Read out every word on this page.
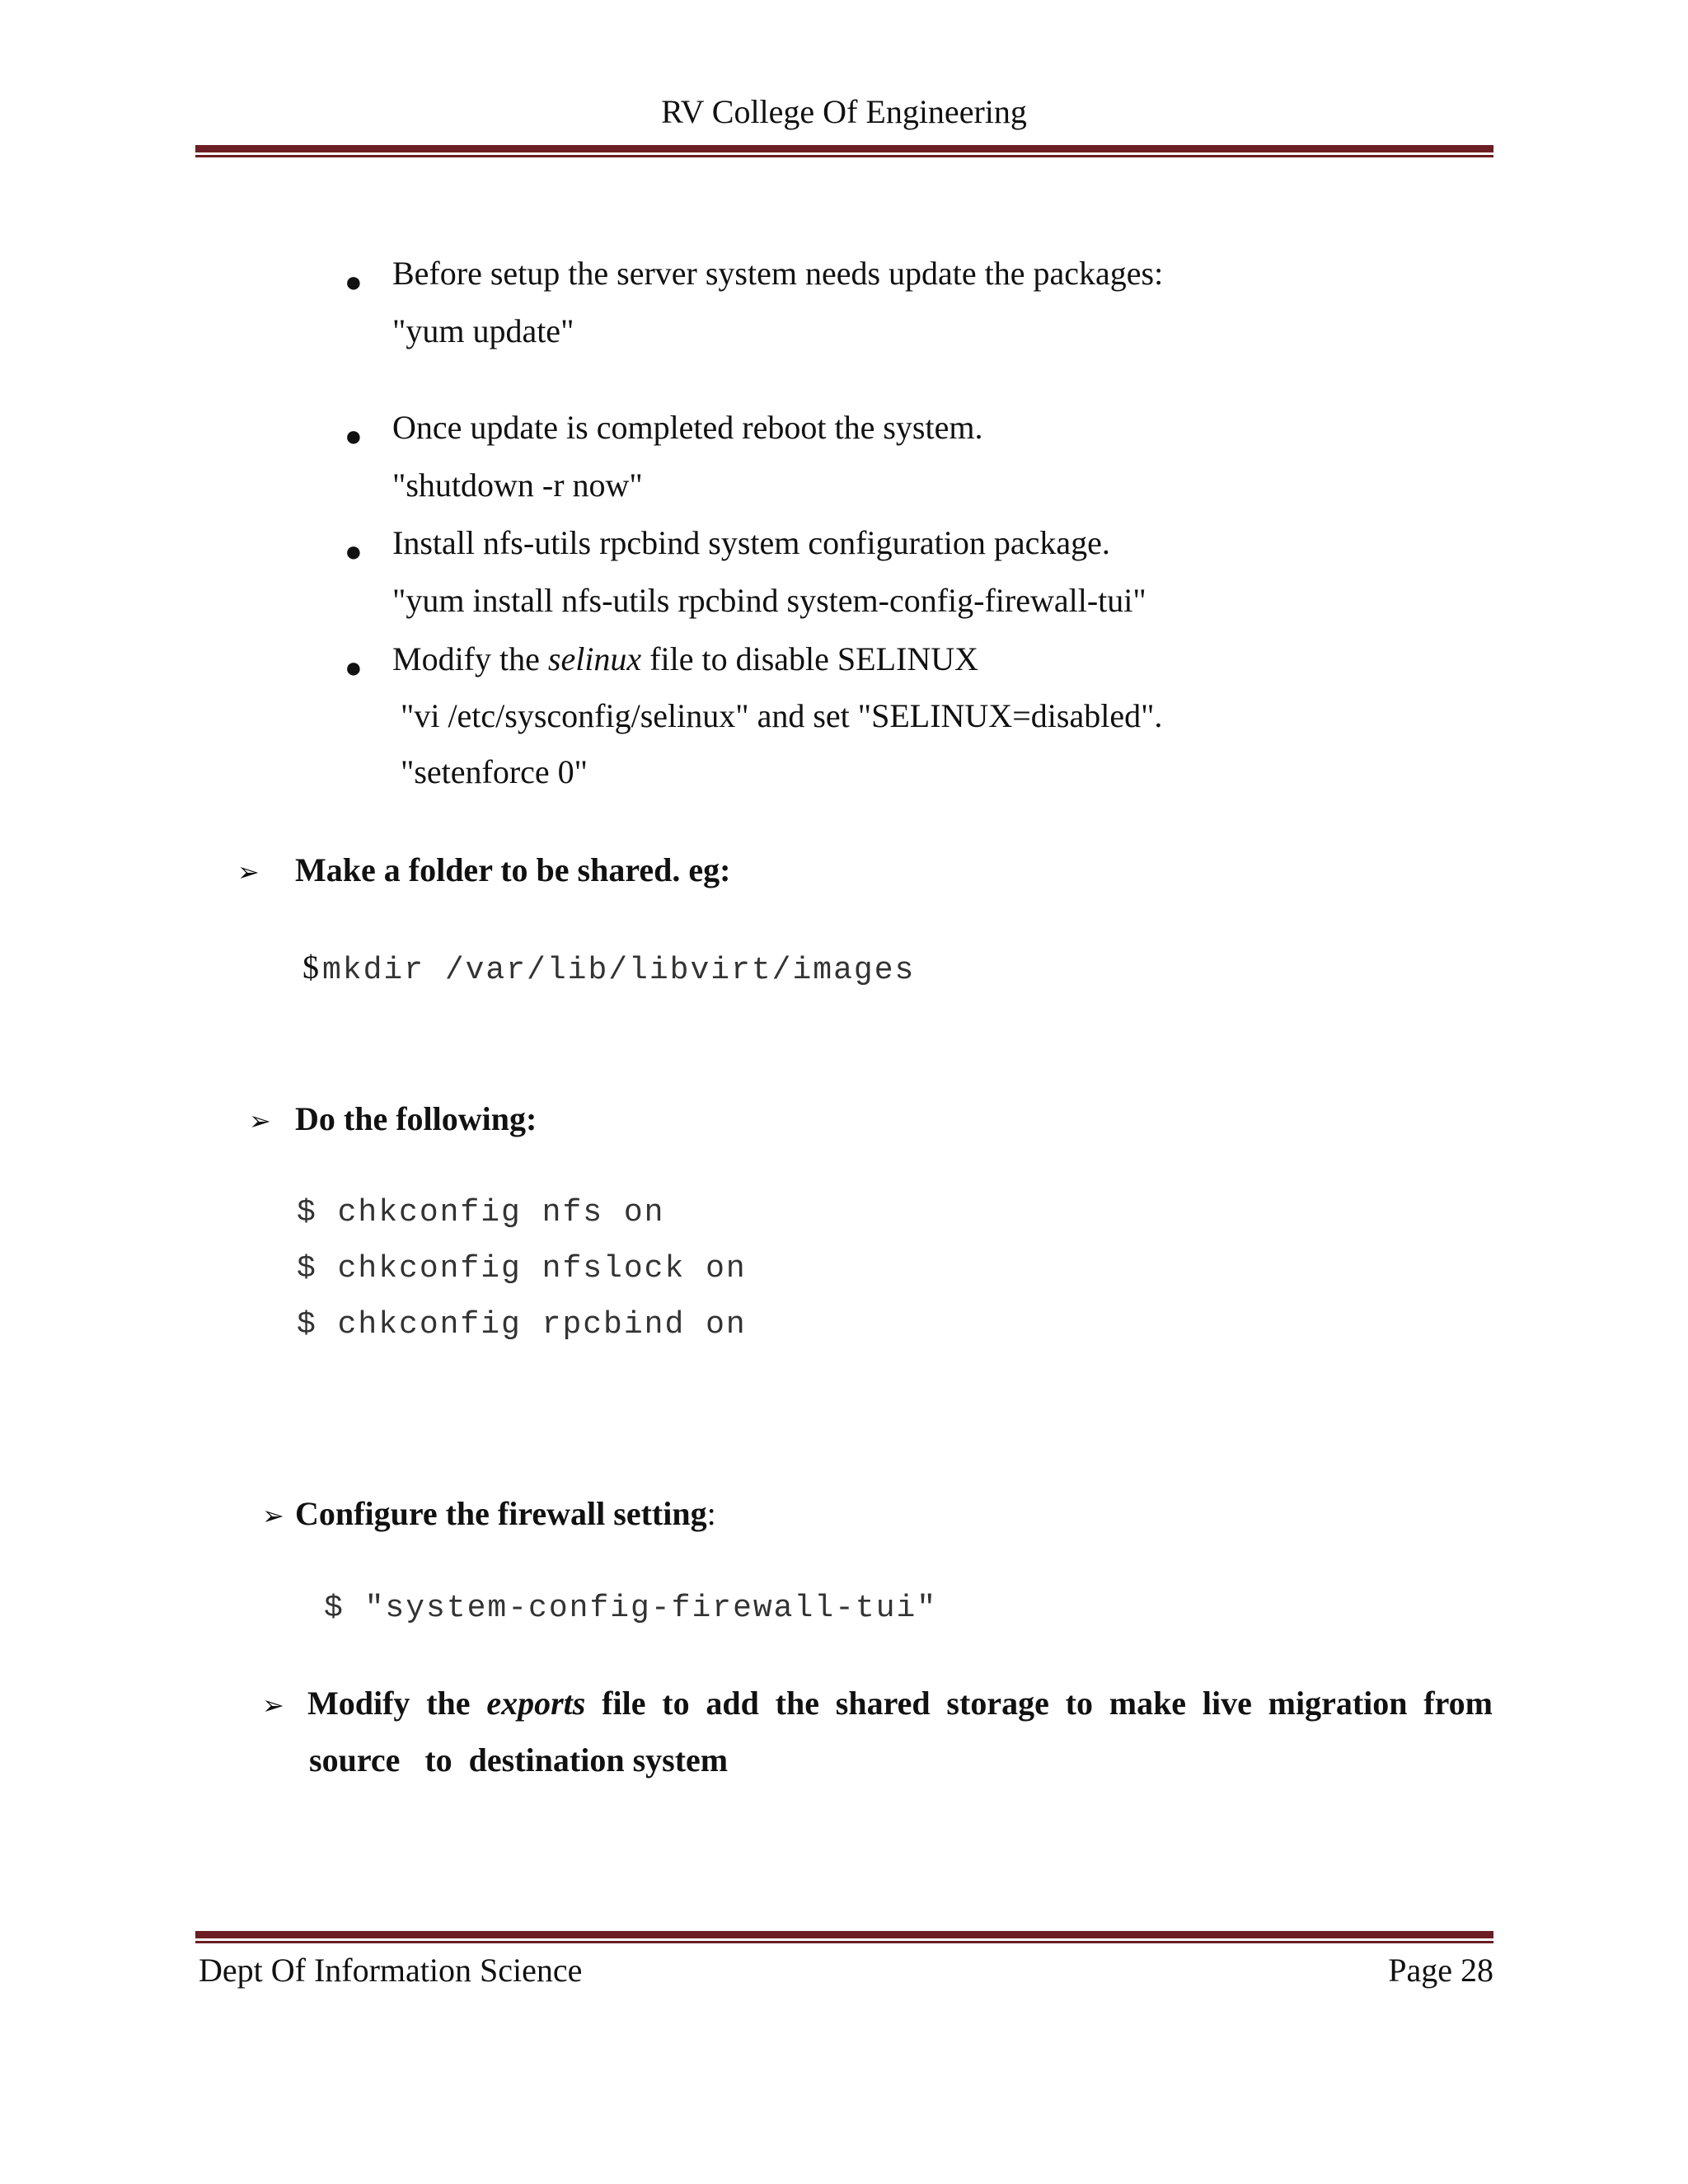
RV College Of Engineering
● Before setup the server system needs update the packages:
"yum update"
● Once update is completed reboot the system.
"shutdown -r now"
● Install nfs-utils rpcbind system configuration package.
"yum install nfs-utils rpcbind system-config-firewall-tui"
● Modify the selinux file to disable SELINUX
"vi /etc/sysconfig/selinux" and set "SELINUX=disabled".
"setenforce 0"
➢ Make a folder to be shared. eg:
$ mkdir /var/lib/libvirt/images
➢ Do the following:
$ chkconfig nfs on
$ chkconfig nfslock on
$ chkconfig rpcbind on
➢ Configure the firewall setting:
$ "system-config-firewall-tui"
➢ Modify the exports file to add the shared storage to make live migration from
source   to  destination system
Dept Of Information Science	Page 28
